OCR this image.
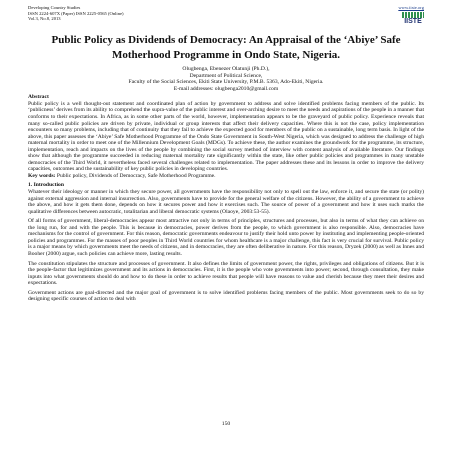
Developing Country Studies
ISSN 2224-607X (Paper) ISSN 2225-0565 (Online)
Vol.3, No.8, 2013
www.iiste.org
IISTE
Public Policy as Dividends of Democracy: An Appraisal of the ‘Abiye’ Safe Motherhood Programme in Ondo State, Nigeria.
Olugbenga, Ebenezer Olatunji (Ph.D.),
Department of Political Science,
Faculty of the Social Sciences, Ekiti State University, P.M.B. 5363, Ado-Ekiti, Nigeria.
E-mail addresses: olugbenga2010@gmail.com
Abstract
Public policy is a well thought-out statement and coordinated plan of action by government to address and solve identified problems facing members of the public. Its ‘publicness’ derives from its ability to comprehend the supra-value of the public interest and over-arching desire to meet the needs and aspirations of the people in a manner that conforms to their expectations. In Africa, as in some other parts of the world, however, implementation appears to be the graveyard of public policy. Experience reveals that many so-called public policies are driven by private, individual or group interests that affect their delivery capacities. Where this is not the case, policy implementation encounters so many problems, including that of continuity that they fail to achieve the expected good for members of the public on a sustainable, long term basis. In light of the above, this paper assesses the ‘Abiye’ Safe Motherhood Programme of the Ondo State Government in South-West Nigeria, which was designed to address the challenge of high maternal mortality in order to meet one of the Millennium Development Goals (MDGs). To achieve these, the author examines the groundwork for the programme, its structure, implementation, reach and impacts on the lives of the people by combining the social survey method of interview with content analysis of available literature. Our findings show that although the programme succeeded in reducing maternal mortality rate significantly within the state, like other public policies and programmes in many unstable democracies of the Third World, it nevertheless faced several challenges related to implementation. The paper addresses these and its lessons in order to improve the delivery capacities, outcomes and the sustainability of key public policies in developing countries.
Key words: Public policy, Dividends of Democracy, Safe Motherhood Programme.
1. Introduction
Whatever their ideology or manner in which they secure power, all governments have the responsibility not only to spell out the law, enforce it, and secure the state (or polity) against external aggression and internal insurrection. Also, governments have to provide for the general welfare of the citizens. However, the ability of a government to achieve the above, and how it gets them done, depends on how it secures power and how it exercises such. The source of power of a government and how it uses such marks the qualitative differences between autocratic, totalitarian and liberal democratic systems (Olaoye, 2003:53-55).
Of all forms of government, liberal-democracies appear most attractive not only in terms of principles, structures and processes, but also in terms of what they can achieve on the long run, for and with the people. This is because in democracies, power derives from the people, to which government is also responsible. Also, democracies have mechanisms for the control of government. For this reason, democratic governments endeavour to justify their hold unto power by instituting and implementing people-oriented policies and programmes. For the masses of poor peoples in Third World countries for whom healthcare is a major challenge, this fact is very crucial for survival. Public policy is a major means by which governments meet the needs of citizens, and in democracies, they are often deliberative in nature. For this reason, Dryzek (2000) as well as Innes and Booher (2000) argue, such policies can achieve more, lasting results.
The constitution stipulates the structure and processes of government. It also defines the limits of government power, the rights, privileges and obligations of citizens. But it is the people-factor that legitimizes government and its actions in democracies. First, it is the people who vote governments into power; second, through consultation, they make inputs into what governments should do and how to do these in order to achieve results that people will have reasons to value and cherish because they meet their desires and expectations.
Government actions are goal-directed and the major goal of government is to solve identified problems facing members of the public. Most governments seek to do so by designing specific courses of action to deal with
150
